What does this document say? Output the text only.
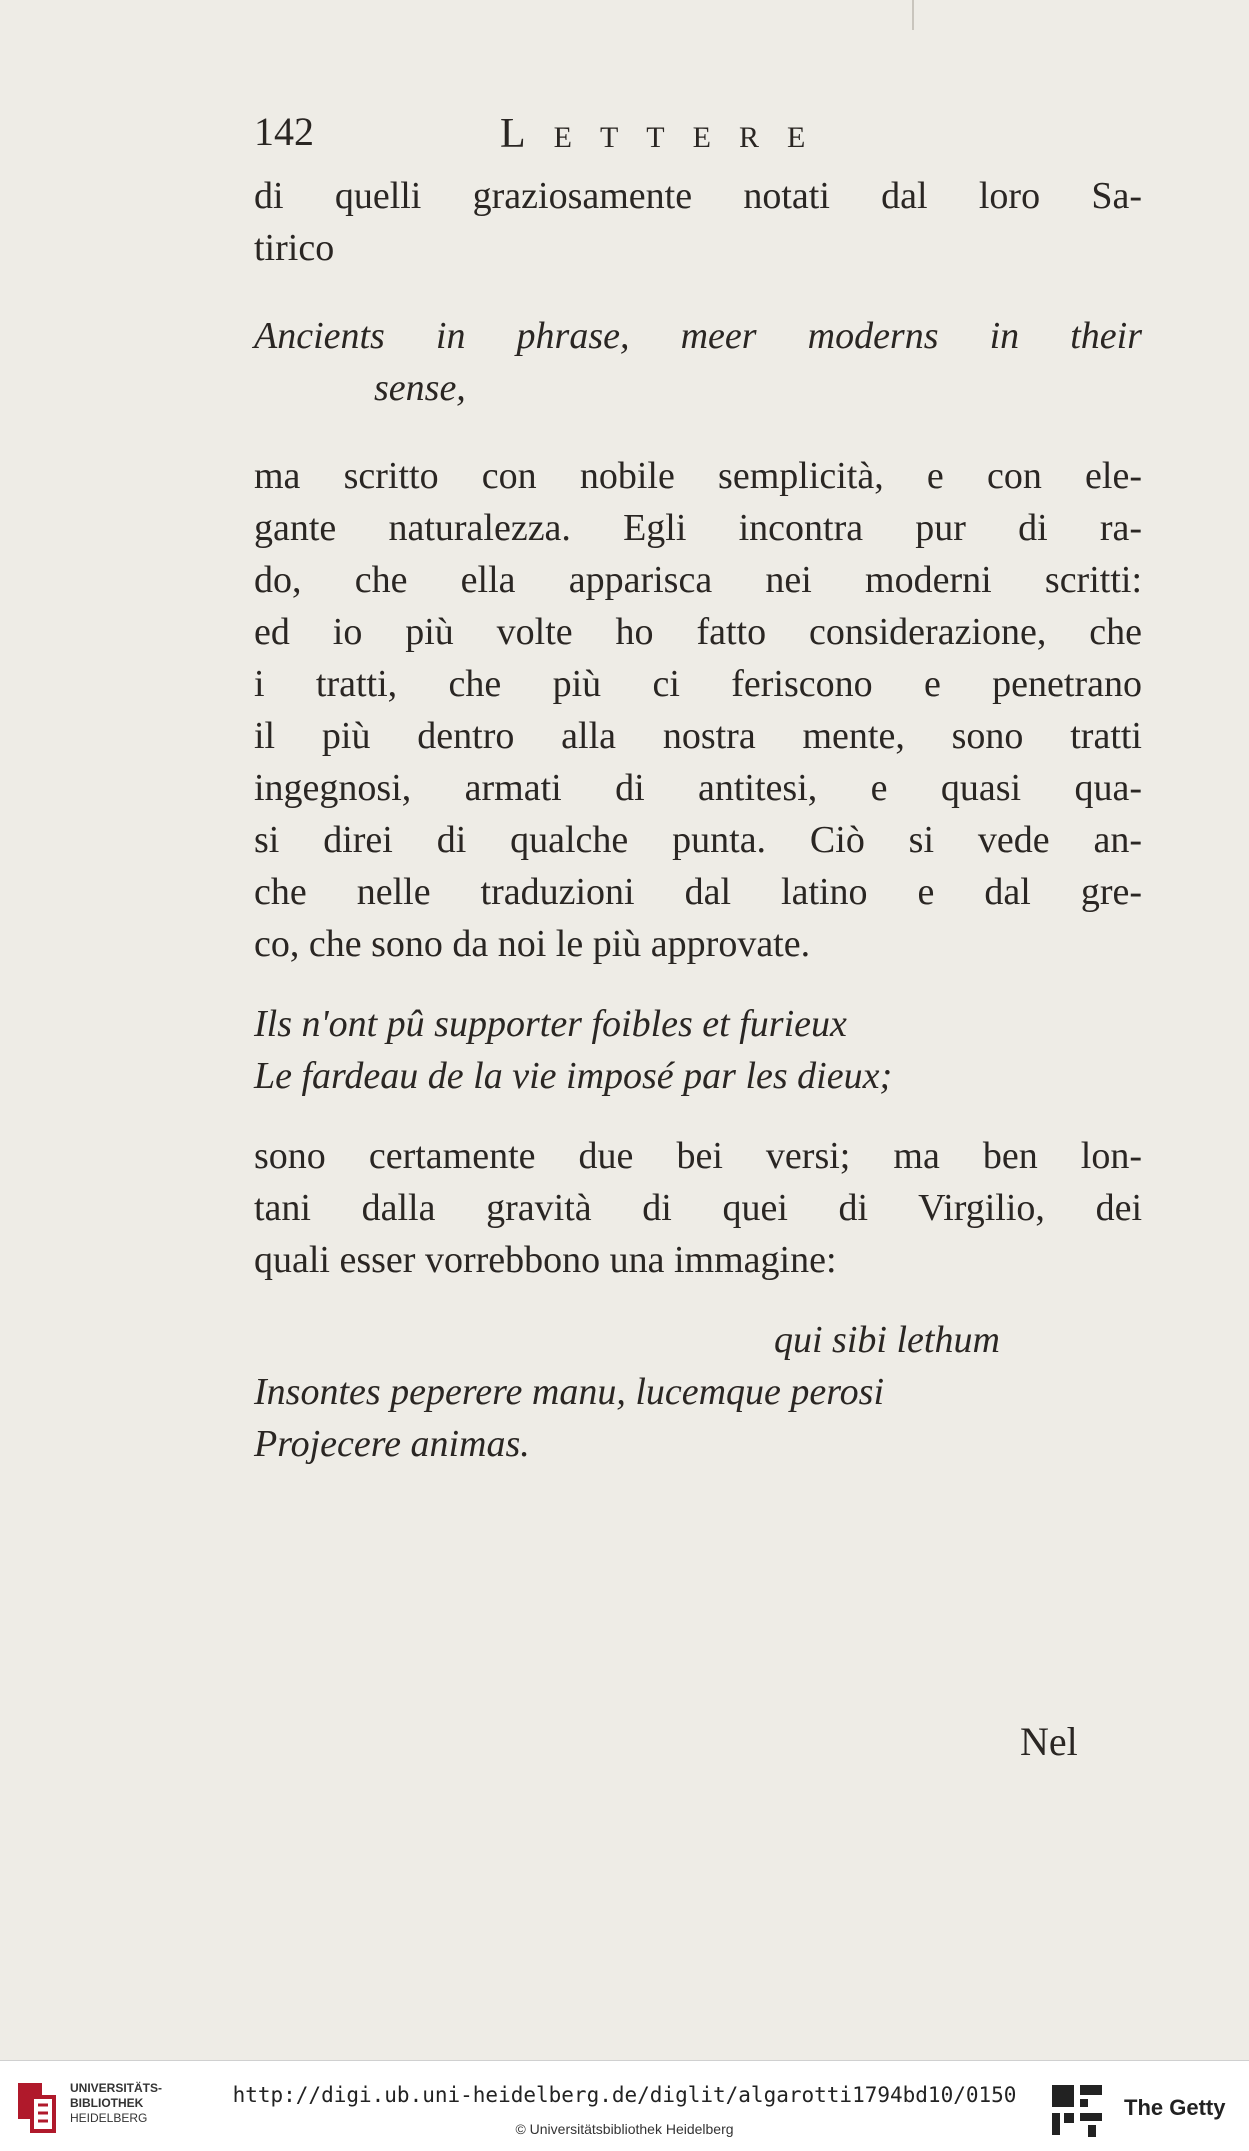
142	LETTERE
di quelli graziosamente notati dal loro Sa-
tirico
Ancients in phrase, meer moderns in their
sense,
ma scritto con nobile semplicità, e con ele-
gante naturalezza. Egli incontra pur di ra-
do, che ella apparisca nei moderni scritti:
ed io più volte ho fatto considerazione, che
i tratti, che più ci feriscono e penetrano
il più dentro alla nostra mente, sono tratti
ingegnosi, armati di antitesi, e quasi qua-
si direi di qualche punta. Ciò si vede an-
che nelle traduzioni dal latino e dal gre-
co, che sono da noi le più approvate.
Ils n'ont pû supporter foibles et furieux
Le fardeau de la vie imposé par les dieux;
sono certamente due bei versi; ma ben lon-
tani dalla gravità di quei di Virgilio, dei
quali esser vorrebbono una immagine:
qui sibi lethum
Insontes peperere manu, lucemque perosi
Projecere animas.
Nel
UNIVERSITÄTS-
BIBLIOTHEK
HEIDELBERG
http://digi.ub.uni-heidelberg.de/diglit/algarotti1794bd10/0150
© Universitätsbibliothek Heidelberg
The Getty
